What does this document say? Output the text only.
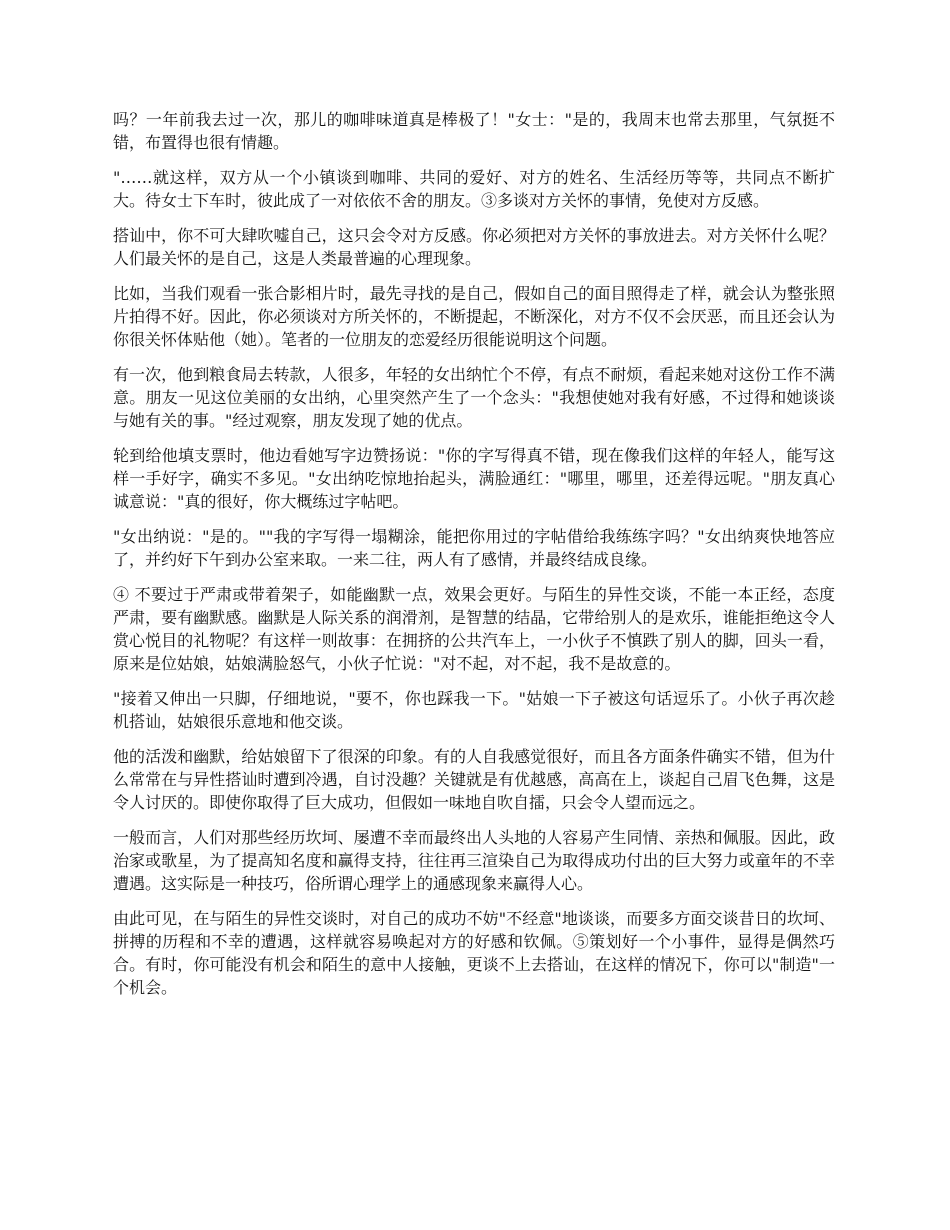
吗？一年前我去过一次，那儿的咖啡味道真是棒极了！"女士："是的，我周末也常去那里，气氛挺不错，布置得也很有情趣。

"……就这样，双方从一个小镇谈到咖啡、共同的爱好、对方的姓名、生活经历等等，共同点不断扩大。待女士下车时，彼此成了一对依依不舍的朋友。③多谈对方关怀的事情，免使对方反感。

搭讪中，你不可大肆吹嘘自己，这只会令对方反感。你必须把对方关怀的事放进去。对方关怀什么呢？人们最关怀的是自己，这是人类最普遍的心理现象。

比如，当我们观看一张合影相片时，最先寻找的是自己，假如自己的面目照得走了样，就会认为整张照片拍得不好。因此，你必须谈对方所关怀的，不断提起，不断深化，对方不仅不会厌恶，而且还会认为你很关怀体贴他（她）。笔者的一位朋友的恋爱经历很能说明这个问题。

有一次，他到粮食局去转款，人很多，年轻的女出纳忙个不停，有点不耐烦，看起来她对这份工作不满意。朋友一见这位美丽的女出纳，心里突然产生了一个念头："我想使她对我有好感，不过得和她谈谈与她有关的事。"经过观察，朋友发现了她的优点。

轮到给他填支票时，他边看她写字边赞扬说："你的字写得真不错，现在像我们这样的年轻人，能写这样一手好字，确实不多见。"女出纳吃惊地抬起头，满脸通红："哪里，哪里，还差得远呢。"朋友真心诚意说："真的很好，你大概练过字帖吧。

"女出纳说："是的。""我的字写得一塌糊涂，能把你用过的字帖借给我练练字吗？"女出纳爽快地答应了，并约好下午到办公室来取。一来二往，两人有了感情，并最终结成良缘。

④ 不要过于严肃或带着架子，如能幽默一点，效果会更好。与陌生的异性交谈，不能一本正经，态度严肃，要有幽默感。幽默是人际关系的润滑剂，是智慧的结晶，它带给别人的是欢乐，谁能拒绝这令人赏心悦目的礼物呢？有这样一则故事：在拥挤的公共汽车上，一小伙子不慎跌了别人的脚，回头一看，原来是位姑娘，姑娘满脸怒气，小伙子忙说："对不起，对不起，我不是故意的。

"接着又伸出一只脚，仔细地说，"要不，你也踩我一下。"姑娘一下子被这句话逗乐了。小伙子再次趁机搭讪，姑娘很乐意地和他交谈。

他的活泼和幽默，给姑娘留下了很深的印象。有的人自我感觉很好，而且各方面条件确实不错，但为什么常常在与异性搭讪时遭到冷遇，自讨没趣？关键就是有优越感，高高在上，谈起自己眉飞色舞，这是令人讨厌的。即使你取得了巨大成功，但假如一味地自吹自擂，只会令人望而远之。

一般而言，人们对那些经历坎坷、屡遭不幸而最终出人头地的人容易产生同情、亲热和佩服。因此，政治家或歌星，为了提高知名度和赢得支持，往往再三渲染自己为取得成功付出的巨大努力或童年的不幸遭遇。这实际是一种技巧，俗所谓心理学上的通感现象来赢得人心。

由此可见，在与陌生的异性交谈时，对自己的成功不妨"不经意"地谈谈，而要多方面交谈昔日的坎坷、拼搏的历程和不幸的遭遇，这样就容易唤起对方的好感和钦佩。⑤策划好一个小事件，显得是偶然巧合。有时，你可能没有机会和陌生的意中人接触，更谈不上去搭讪，在这样的情况下，你可以"制造"一个机会。
